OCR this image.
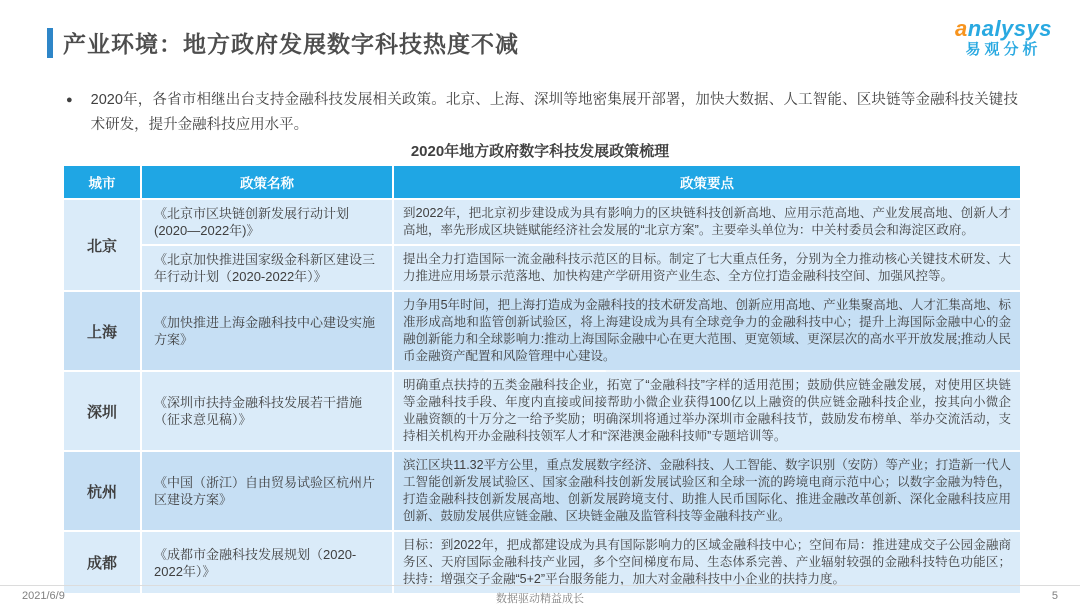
产业环境：地方政府发展数字科技热度不减
analysys
易观分析
● 2020年，各省市相继出台支持金融科技发展相关政策。北京、上海、深圳等地密集展开部署，加快大数据、人工智能、区块链等金融科技关键技术研发，提升金融科技应用水平。

2020年地方政府数字科技发展政策梳理
城市	政策名称	政策要点
北京	《北京市区块链创新发展行动计划 (2020—2022年)》	到2022年，把北京初步建设成为具有影响力的区块链科技创新高地、应用示范高地、产业发展高地、创新人才高地，率先形成区块链赋能经济社会发展的“北京方案”。主要牵头单位为：中关村委员会和海淀区政府。
	《北京加快推进国家级金科新区建设三年行动计划（2020-2022年）》	提出全力打造国际一流金融科技示范区的目标。制定了七大重点任务，分别为全力推动核心关键技术研发、大力推进应用场景示范落地、加快构建产学研用资产业生态、全方位打造金融科技空间、加强风控等。
上海	《加快推进上海金融科技中心建设实施方案》	力争用5年时间，把上海打造成为金融科技的技术研发高地、创新应用高地、产业集聚高地、人才汇集高地、标准形成高地和监管创新试验区，将上海建设成为具有全球竞争力的金融科技中心；提升上海国际金融中心的金融创新能力和全球影响力:推动上海国际金融中心在更大范围、更宽领域、更深层次的高水平开放发展;推动人民币金融资产配置和风险管理中心建设。
深圳	《深圳市扶持金融科技发展若干措施（征求意见稿）》	明确重点扶持的五类金融科技企业，拓宽了“金融科技”字样的适用范围；鼓励供应链金融发展，对使用区块链等金融科技手段、年度内直接或间接帮助小微企业获得100亿以上融资的供应链金融科技企业，按其向小微企业融资额的十万分之一给予奖励；明确深圳将通过举办深圳市金融科技节，鼓励发布榜单、举办交流活动，支持相关机构开办金融科技领军人才和“深港澳金融科技师”专题培训等。
杭州	《中国（浙江）自由贸易试验区杭州片区建设方案》	滨江区块11.32平方公里，重点发展数字经济、金融科技、人工智能、数字识别（安防）等产业；打造新一代人工智能创新发展试验区、国家金融科技创新发展试验区和全球一流的跨境电商示范中心；以数字金融为特色，打造金融科技创新发展高地、创新发展跨境支付、助推人民币国际化、推进金融改革创新、深化金融科技应用创新、鼓励发展供应链金融、区块链金融及监管科技等金融科技产业。
成都	《成都市金融科技发展规划（2020-2022年）》	目标：到2022年，把成都建设成为具有国际影响力的区域金融科技中心；空间布局：推进建成交子公园金融商务区、天府国际金融科技产业园，多个空间梯度布局、生态体系完善、产业辐射较强的金融科技特色功能区；扶持：增强交子金融“5+2”平台服务能力，加大对金融科技中小企业的扶持力度。
数据驱动精益成长
2021/6/9	5
